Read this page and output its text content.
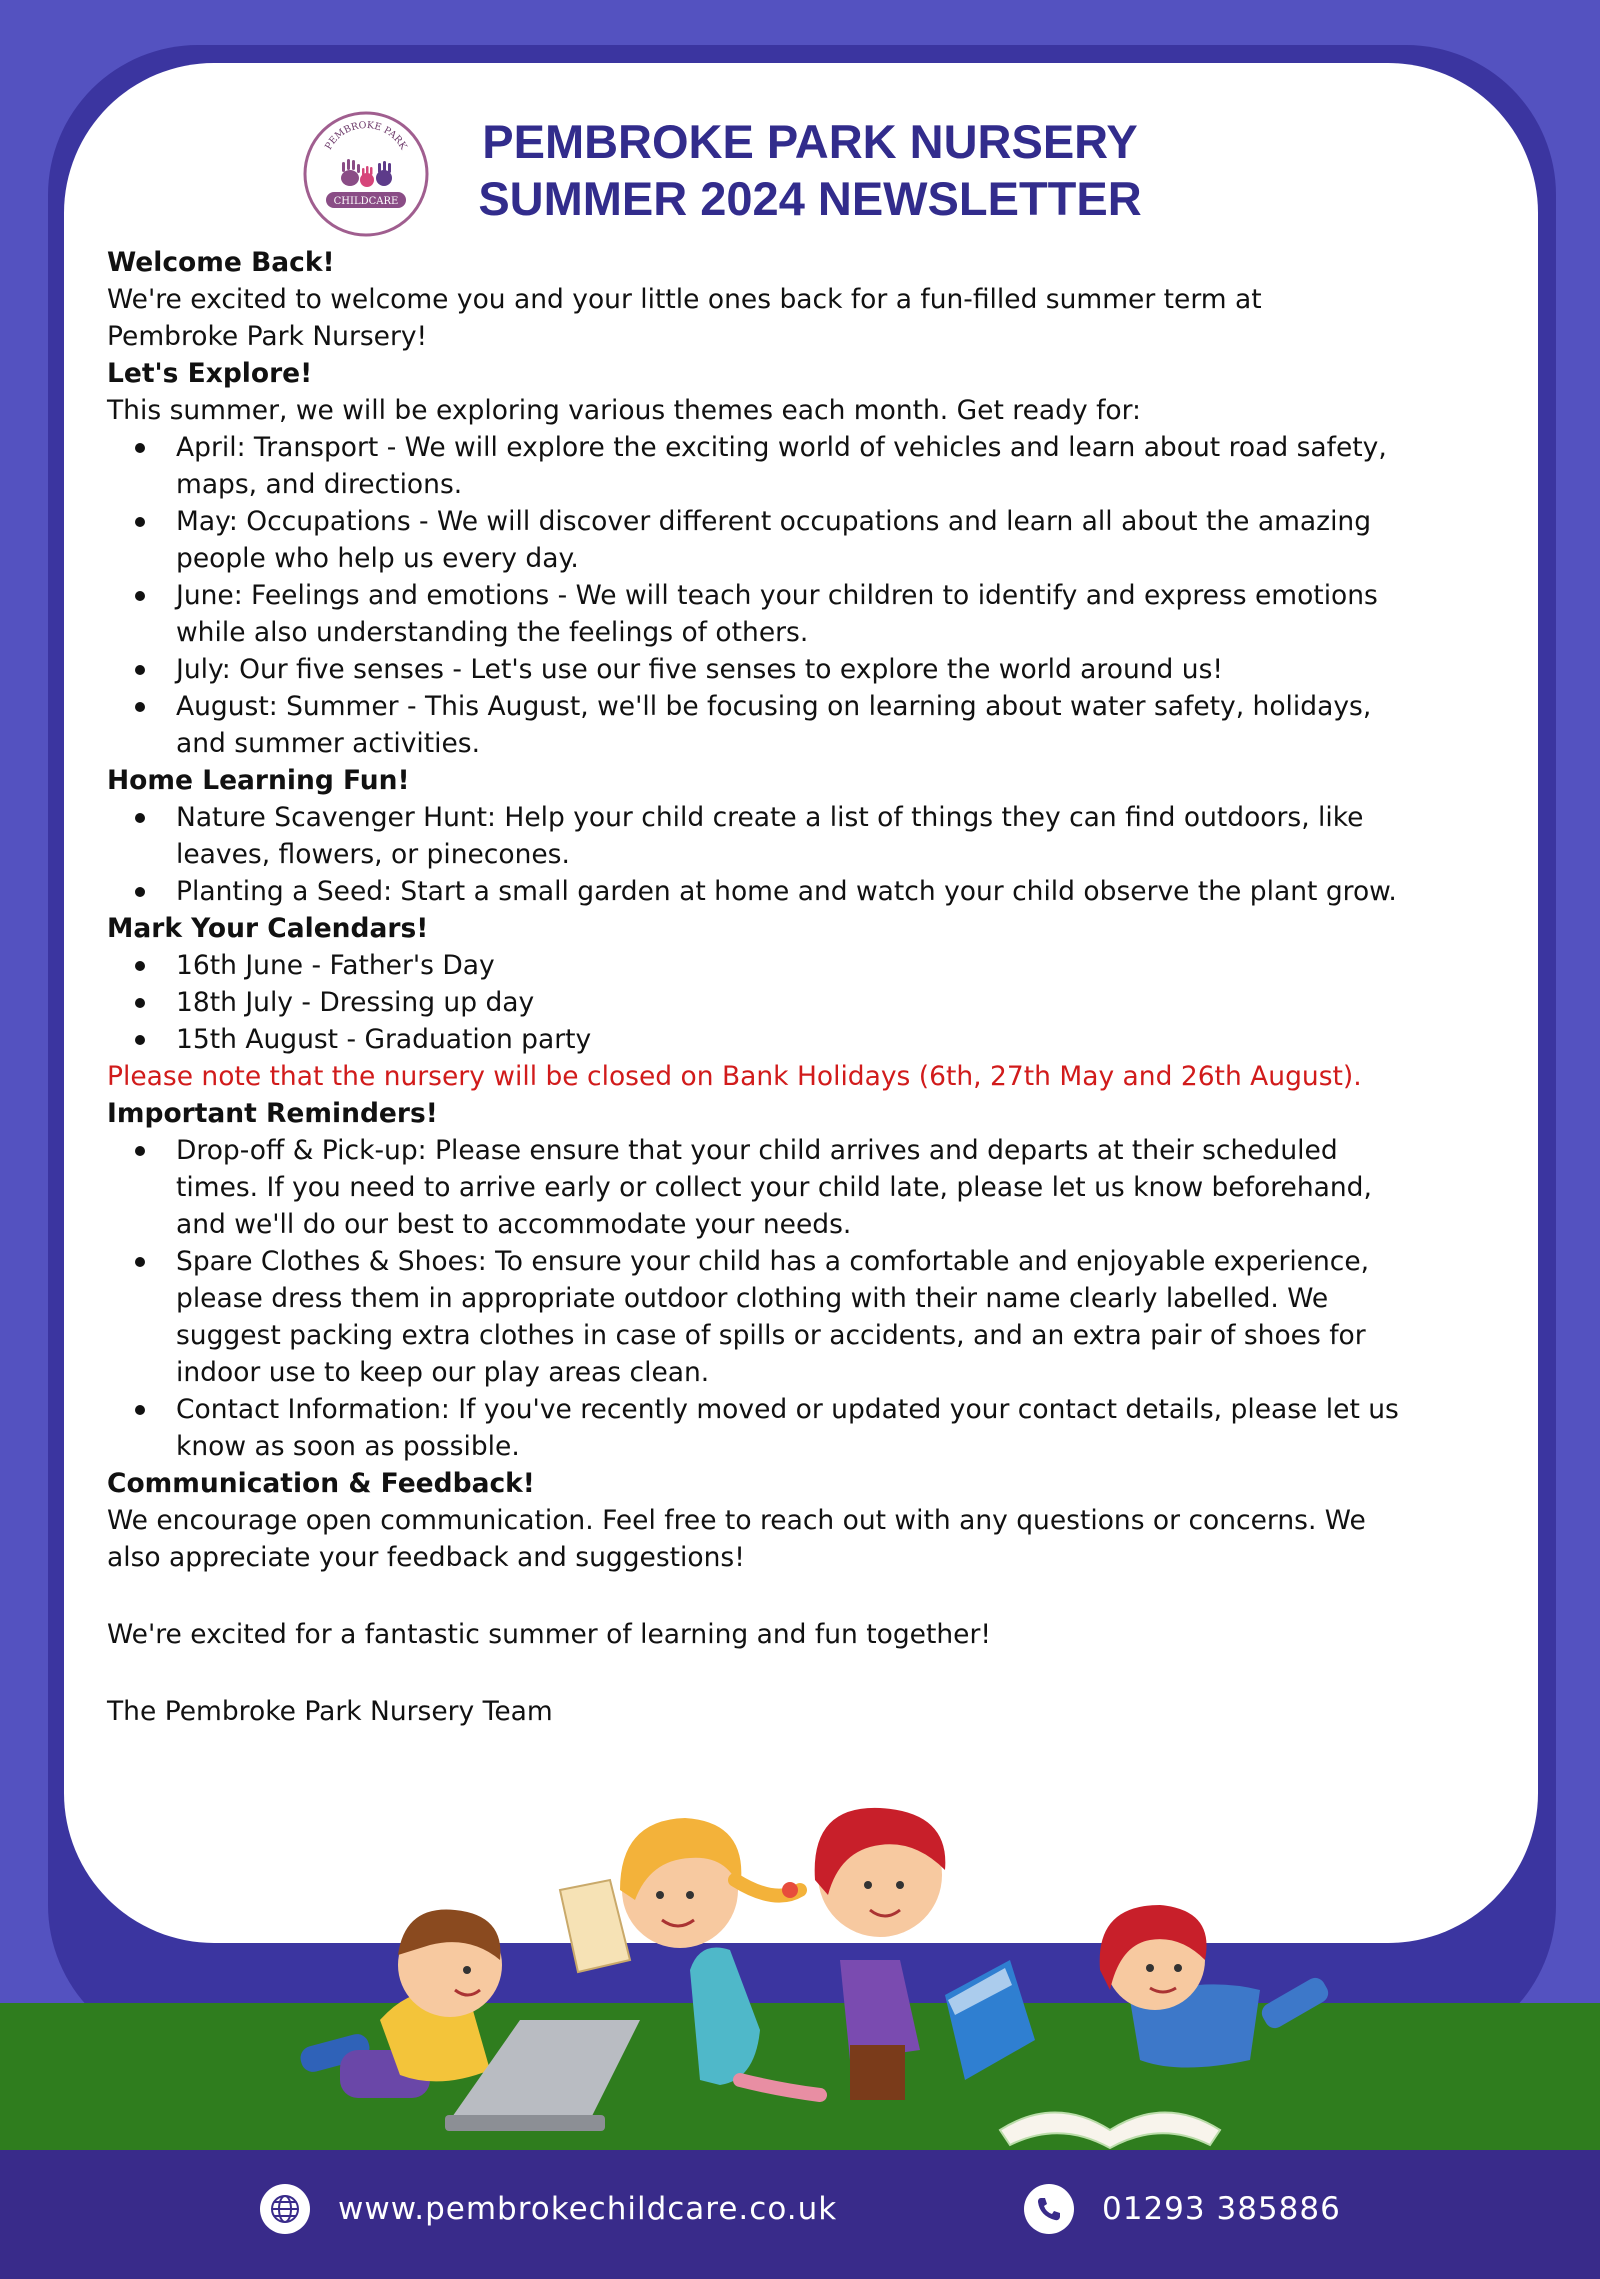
PEMBROKE PARK
CHILDCARE
PEMBROKE PARK NURSERY
SUMMER 2024 NEWSLETTER

Welcome Back!

We're excited to welcome you and your little ones back for a fun-filled summer term at

Pembroke Park Nursery!

Let's Explore!

This summer, we will be exploring various themes each month. Get ready for:

April: Transport - We will explore the exciting world of vehicles and learn about road safety,
maps, and directions.
May: Occupations - We will discover different occupations and learn all about the amazing
people who help us every day.
June: Feelings and emotions - We will teach your children to identify and express emotions
while also understanding the feelings of others.
July: Our five senses - Let's use our five senses to explore the world around us!
August: Summer - This August, we'll be focusing on learning about water safety, holidays,
and summer activities.

Home Learning Fun!

Nature Scavenger Hunt: Help your child create a list of things they can find outdoors, like
leaves, flowers, or pinecones.
Planting a Seed: Start a small garden at home and watch your child observe the plant grow.

Mark Your Calendars!

16th June - Father's Day
18th July - Dressing up day
15th August - Graduation party

Please note that the nursery will be closed on Bank Holidays (6th, 27th May and 26th August).

Important Reminders!

Drop-off & Pick-up: Please ensure that your child arrives and departs at their scheduled
times. If you need to arrive early or collect your child late, please let us know beforehand,
and we'll do our best to accommodate your needs.
Spare Clothes & Shoes: To ensure your child has a comfortable and enjoyable experience,
please dress them in appropriate outdoor clothing with their name clearly labelled. We
suggest packing extra clothes in case of spills or accidents, and an extra pair of shoes for
indoor use to keep our play areas clean.
Contact Information: If you've recently moved or updated your contact details, please let us
know as soon as possible.

Communication & Feedback!

We encourage open communication. Feel free to reach out with any questions or concerns. We

also appreciate your feedback and suggestions!

We're excited for a fantastic summer of learning and fun together!

The Pembroke Park Nursery Team

www.pembrokechildcare.co.uk	01293 385886
